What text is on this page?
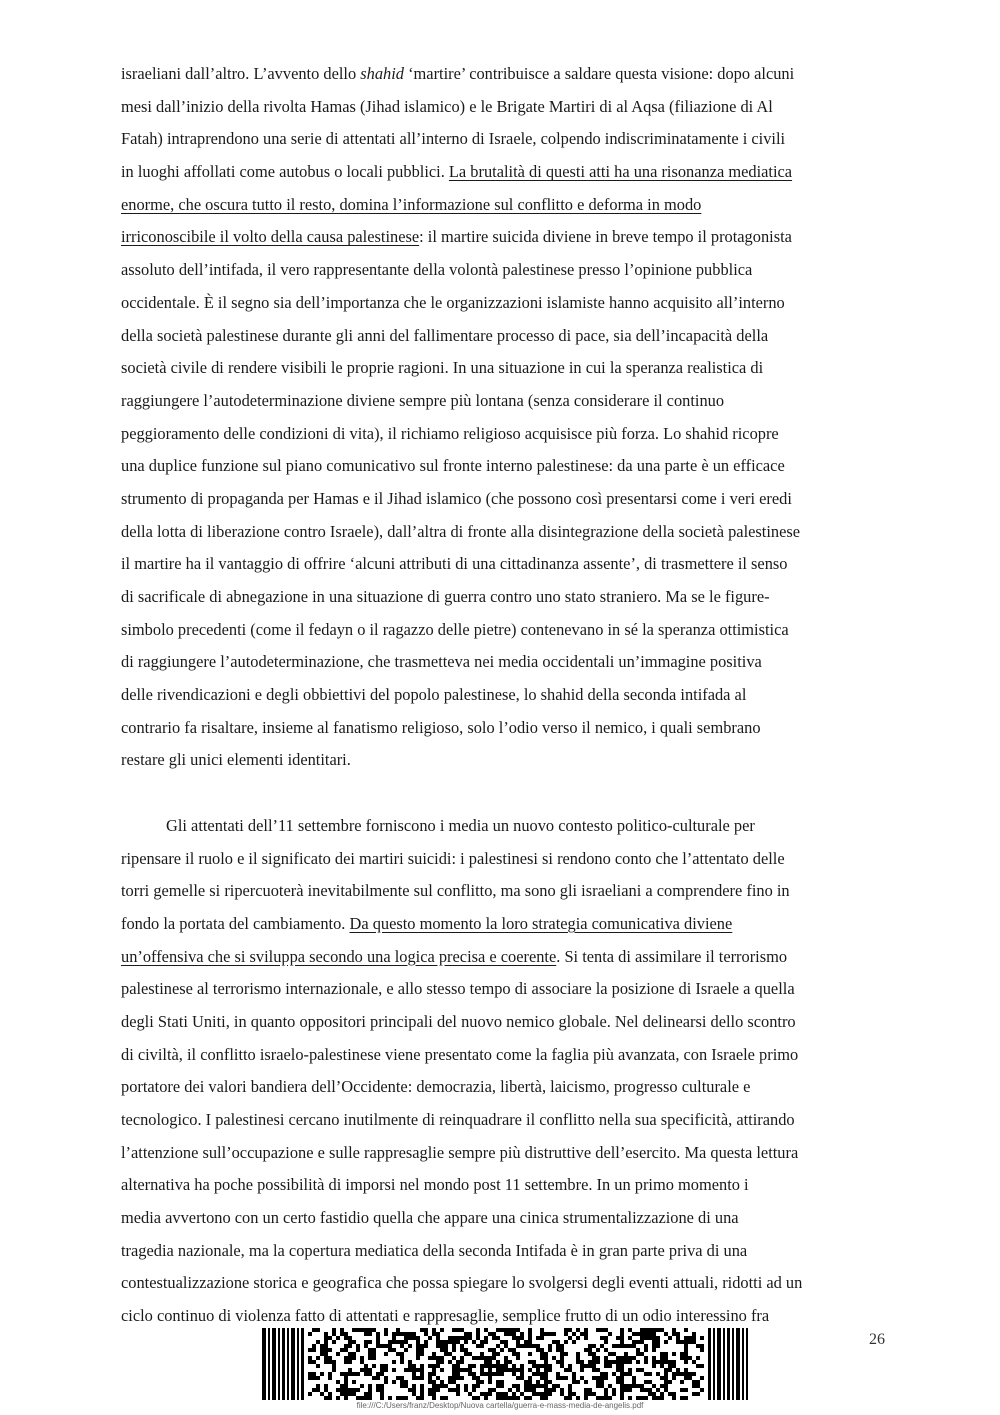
israeliani dall’altro. L’avvento dello shahid ‘martire’ contribuisce a saldare questa visione: dopo alcuni
mesi dall’inizio della rivolta Hamas (Jihad islamico) e le Brigate Martiri di al Aqsa (filiazione di Al
Fatah) intraprendono una serie di attentati all’interno di Israele, colpendo indiscriminatamente i civili
in luoghi affollati come autobus o locali pubblici. La brutalità di questi atti ha una risonanza mediatica
enorme, che oscura tutto il resto, domina l’informazione sul conflitto e deforma in modo
irriconoscibile il volto della causa palestinese: il martire suicida diviene in breve tempo il protagonista
assoluto dell’intifada, il vero rappresentante della volontà palestinese presso l’opinione pubblica
occidentale. È il segno sia dell’importanza che le organizzazioni islamiste hanno acquisito all’interno
della società palestinese durante gli anni del fallimentare processo di pace, sia dell’incapacità della
società civile di rendere visibili le proprie ragioni. In una situazione in cui la speranza realistica di
raggiungere l’autodeterminazione diviene sempre più lontana (senza considerare il continuo
peggioramento delle condizioni di vita), il richiamo religioso acquisisce più forza. Lo shahid ricopre
una duplice funzione sul piano comunicativo sul fronte interno palestinese: da una parte è un efficace
strumento di propaganda per Hamas e il Jihad islamico (che possono così presentarsi come i veri eredi
della lotta di liberazione contro Israele), dall’altra di fronte alla disintegrazione della società palestinese
il martire ha il vantaggio di offrire ‘alcuni attributi di una cittadinanza assente’, di trasmettere il senso
di sacrificale di abnegazione in una situazione di guerra contro uno stato straniero. Ma se le figure-
simbolo precedenti (come il fedayn o il ragazzo delle pietre) contenevano in sé la speranza ottimistica
di raggiungere l’autodeterminazione, che trasmetteva nei media occidentali un’immagine positiva
delle rivendicazioni e degli obbiettivi del popolo palestinese, lo shahid della seconda intifada al
contrario fa risaltare, insieme al fanatismo religioso, solo l’odio verso il nemico, i quali sembrano
restare gli unici elementi identitari.
Gli attentati dell’11 settembre forniscono i media un nuovo contesto politico-culturale per
ripensare il ruolo e il significato dei martiri suicidi: i palestinesi si rendono conto che l’attentato delle
torri gemelle si ripercuoterà inevitabilmente sul conflitto, ma sono gli israeliani a comprendere fino in
fondo la portata del cambiamento. Da questo momento la loro strategia comunicativa diviene
un’offensiva che si sviluppa secondo una logica precisa e coerente. Si tenta di assimilare il terrorismo
palestinese al terrorismo internazionale, e allo stesso tempo di associare la posizione di Israele a quella
degli Stati Uniti, in quanto oppositori principali del nuovo nemico globale. Nel delinearsi dello scontro
di civiltà, il conflitto israelo-palestinese viene presentato come la faglia più avanzata, con Israele primo
portatore dei valori bandiera dell’Occidente: democrazia, libertà, laicismo, progresso culturale e
tecnologico. I palestinesi cercano inutilmente di reinquadrare il conflitto nella sua specificità, attirando
l’attenzione sull’occupazione e sulle rappresaglie sempre più distruttive dell’esercito. Ma questa lettura
alternativa ha poche possibilità di imporsi nel mondo post 11 settembre. In un primo momento i
media avvertono con un certo fastidio quella che appare una cinica strumentalizzazione di una
tragedia nazionale, ma la copertura mediatica della seconda Intifada è in gran parte priva di una
contestualizzazione storica e geografica che possa spiegare lo svolgersi degli eventi attuali, ridotti ad un
ciclo continuo di violenza fatto di attentati e rappresaglie, semplice frutto di un odio interessino fra
26
file:///C:/Users/franz/Desktop/Nuova cartella/guerra-e-mass-media-de-angelis.pdf
